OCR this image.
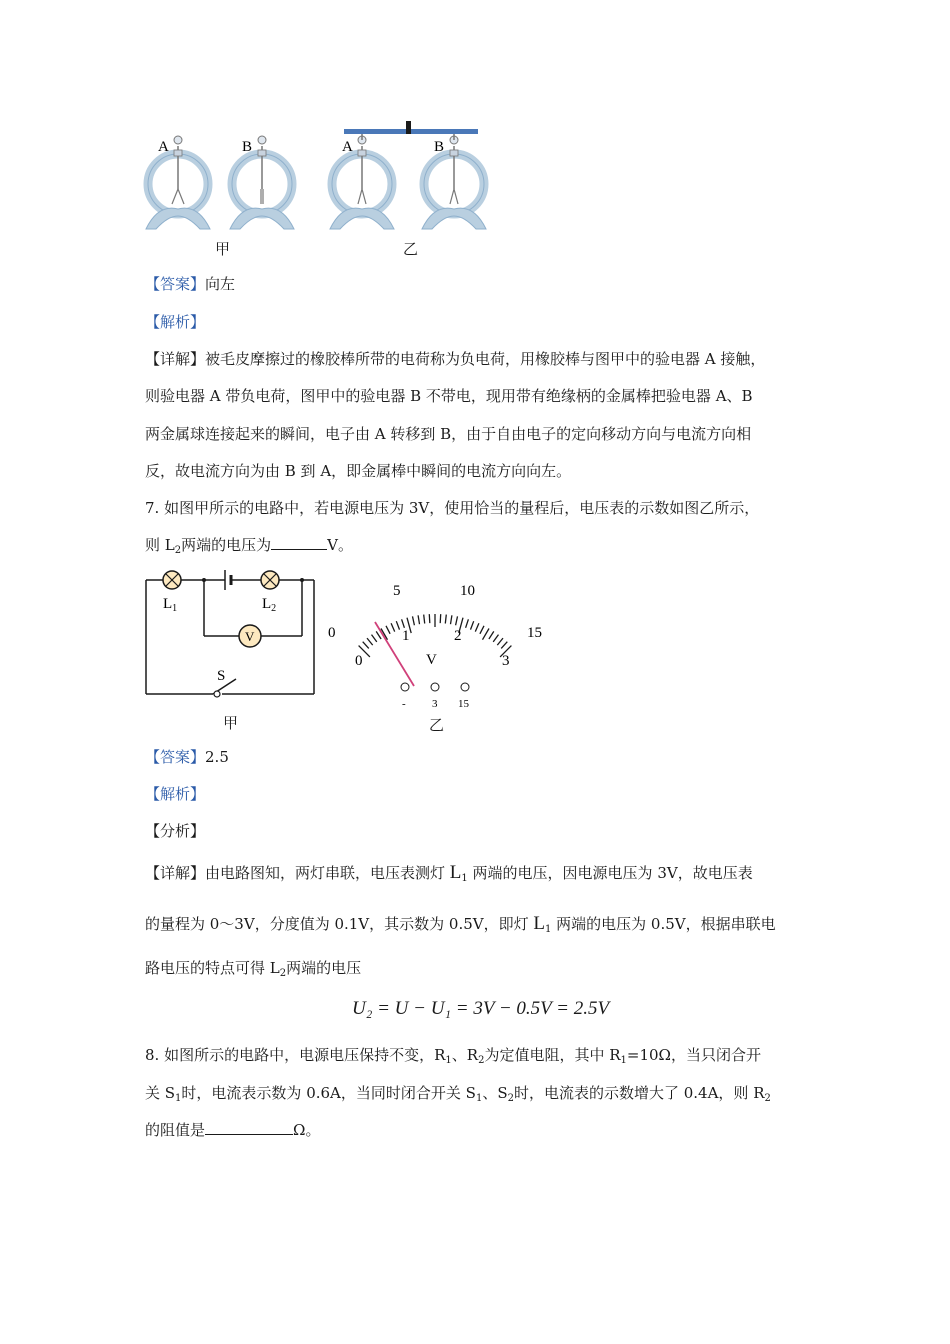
A	B	A	B
甲	乙
【答案】向左
【解析】
【详解】被毛皮摩擦过的橡胶棒所带的电荷称为负电荷，用橡胶棒与图甲中的验电器 A 接触，
则验电器 A 带负电荷，图甲中的验电器 B 不带电，现用带有绝缘柄的金属棒把验电器 A、B
两金属球连接起来的瞬间，电子由 A 转移到 B，由于自由电子的定向移动方向与电流方向相
反，故电流方向为由 B 到 A，即金属棒中瞬间的电流方向向左。
7. 如图甲所示的电路中，若电源电压为 3V，使用恰当的量程后，电压表的示数如图乙所示，
则 $L_2$两端的电压为	V。
V
$L_1$	$L_2$
S
甲
0
5	10
15
0
1	2
3
V
- 3 15
乙
【答案】2.5
【解析】
【分析】
【详解】由电路图知，两灯串联，电压表测灯 $L_1$ 两端的电压，因电源电压为 3V，故电压表
的量程为 0～3V，分度值为 0.1V，其示数为 0.5V，即灯 $L_1$ 两端的电压为 0.5V，根据串联电
路电压的特点可得 $L_2$两端的电压
U₂ = U − U₁ = 3V − 0.5V = 2.5V
8. 如图所示的电路中，电源电压保持不变，$R_1$、$R_2$为定值电阻，其中 $R_1=10\Omega$，当只闭合开
关 $S_1$时，电流表示数为 0.6A，当同时闭合开关 $S_1$、$S_2$时，电流表的示数增大了 0.4A，则 $R_2$
的阻值是	Ω。
